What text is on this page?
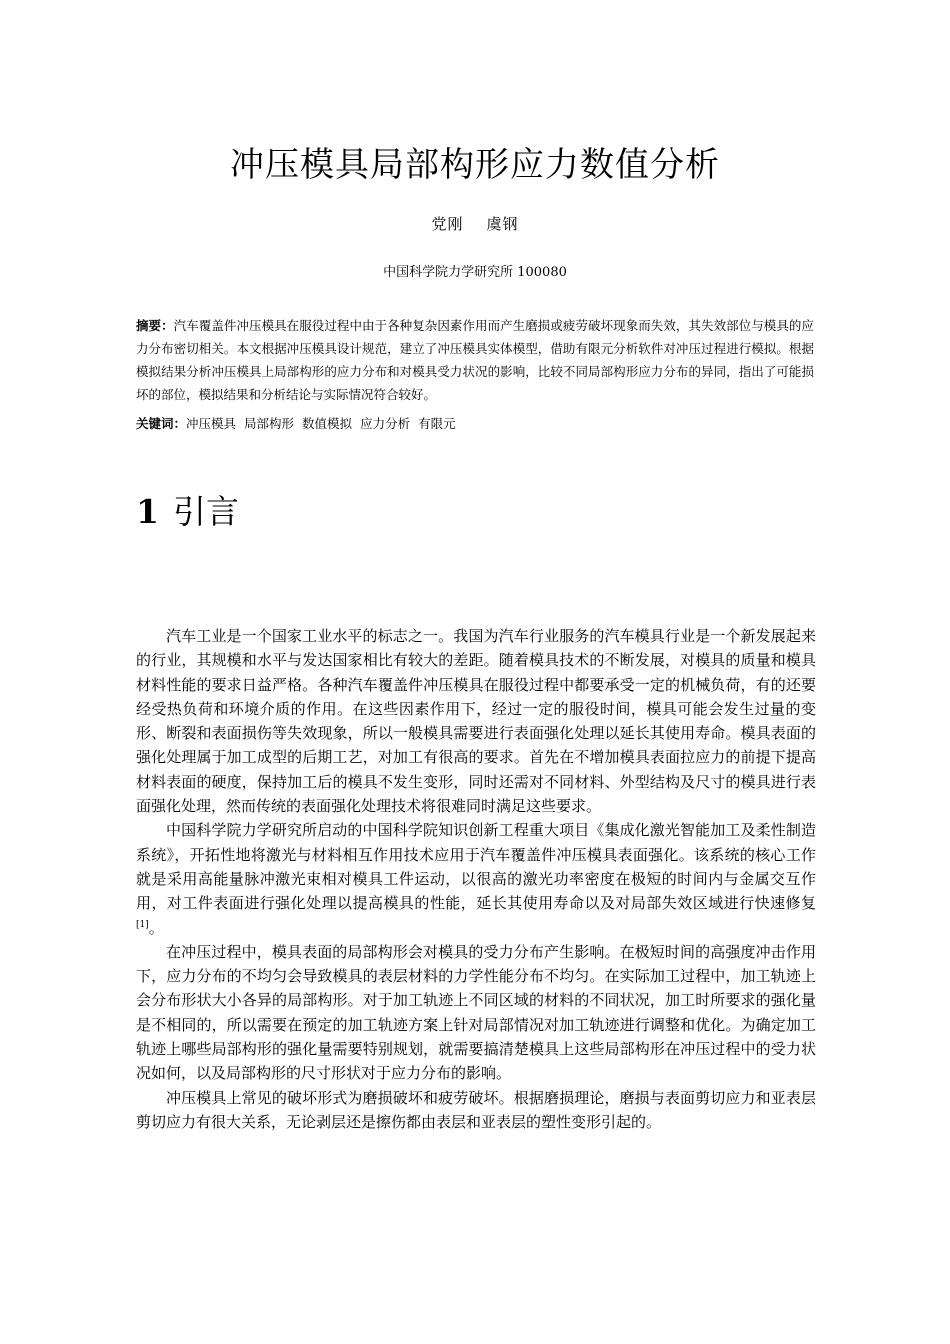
冲压模具局部构形应力数值分析
党刚 虞钢
中国科学院力学研究所 100080
摘要：汽车覆盖件冲压模具在服役过程中由于各种复杂因素作用而产生磨损或疲劳破坏现象而失效，其失效部位与模具的应力分布密切相关。本文根据冲压模具设计规范，建立了冲压模具实体模型，借助有限元分析软件对冲压过程进行模拟。根据模拟结果分析冲压模具上局部构形的应力分布和对模具受力状况的影响，比较不同局部构形应力分布的异同，指出了可能损坏的部位，模拟结果和分析结论与实际情况符合较好。
关键词：冲压模具 局部构形 数值模拟 应力分析 有限元
1 引言

汽车工业是一个国家工业水平的标志之一。我国为汽车行业服务的汽车模具行业是一个新发展起来的行业，其规模和水平与发达国家相比有较大的差距。随着模具技术的不断发展，对模具的质量和模具材料性能的要求日益严格。各种汽车覆盖件冲压模具在服役过程中都要承受一定的机械负荷，有的还要经受热负荷和环境介质的作用。在这些因素作用下，经过一定的服役时间，模具可能会发生过量的变形、断裂和表面损伤等失效现象，所以一般模具需要进行表面强化处理以延长其使用寿命。模具表面的强化处理属于加工成型的后期工艺，对加工有很高的要求。首先在不增加模具表面拉应力的前提下提高材料表面的硬度，保持加工后的模具不发生变形，同时还需对不同材料、外型结构及尺寸的模具进行表面强化处理，然而传统的表面强化处理技术将很难同时满足这些要求。

中国科学院力学研究所启动的中国科学院知识创新工程重大项目《集成化激光智能加工及柔性制造系统》，开拓性地将激光与材料相互作用技术应用于汽车覆盖件冲压模具表面强化。该系统的核心工作就是采用高能量脉冲激光束相对模具工件运动，以很高的激光功率密度在极短的时间内与金属交互作用，对工件表面进行强化处理以提高模具的性能，延长其使用寿命以及对局部失效区域进行快速修复[1]。

在冲压过程中，模具表面的局部构形会对模具的受力分布产生影响。在极短时间的高强度冲击作用下，应力分布的不均匀会导致模具的表层材料的力学性能分布不均匀。在实际加工过程中，加工轨迹上会分布形状大小各异的局部构形。对于加工轨迹上不同区域的材料的不同状况，加工时所要求的强化量是不相同的，所以需要在预定的加工轨迹方案上针对局部情况对加工轨迹进行调整和优化。为确定加工轨迹上哪些局部构形的强化量需要特别规划，就需要搞清楚模具上这些局部构形在冲压过程中的受力状况如何，以及局部构形的尺寸形状对于应力分布的影响。

冲压模具上常见的破坏形式为磨损破坏和疲劳破坏。根据磨损理论，磨损与表面剪切应力和亚表层剪切应力有很大关系，无论剥层还是擦伤都由表层和亚表层的塑性变形引起的。
